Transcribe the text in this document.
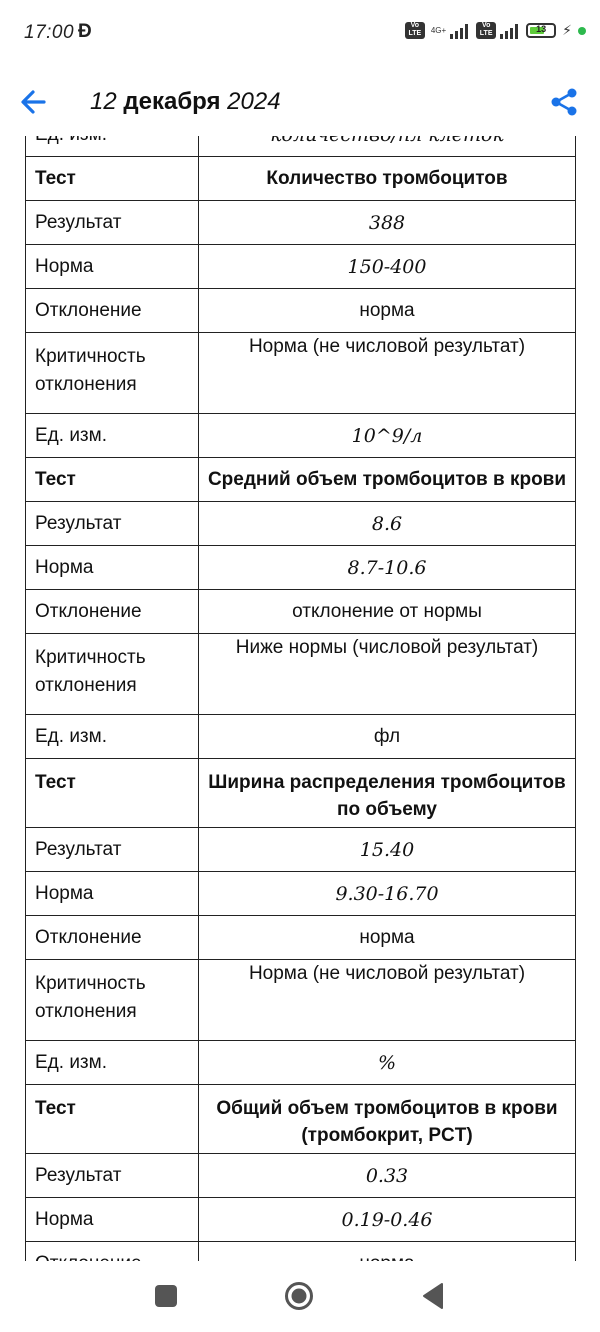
17:00 Ð	Vo LTE	4G+	Vo LTE	13	⚡
12 декабря 2024

Тест	Количество тромбоцитов
Результат	388
Норма	150-400
Отклонение	норма
Критичность отклонения	Норма (не числовой результат)
Ед. изм.	10^9/л
Тест	Средний объем тромбоцитов в крови
Результат	8.6
Норма	8.7-10.6
Отклонение	отклонение от нормы
Критичность отклонения	Ниже нормы (числовой результат)
Ед. изм.	фл
Тест	Ширина распределения тромбоцитов по объему
Результат	15.40
Норма	9.30-16.70
Отклонение	норма
Критичность отклонения	Норма (не числовой результат)
Ед. изм.	%
Тест	Общий объем тромбоцитов в крови (тромбокрит, PCT)
Результат	0.33
Норма	0.19-0.46
